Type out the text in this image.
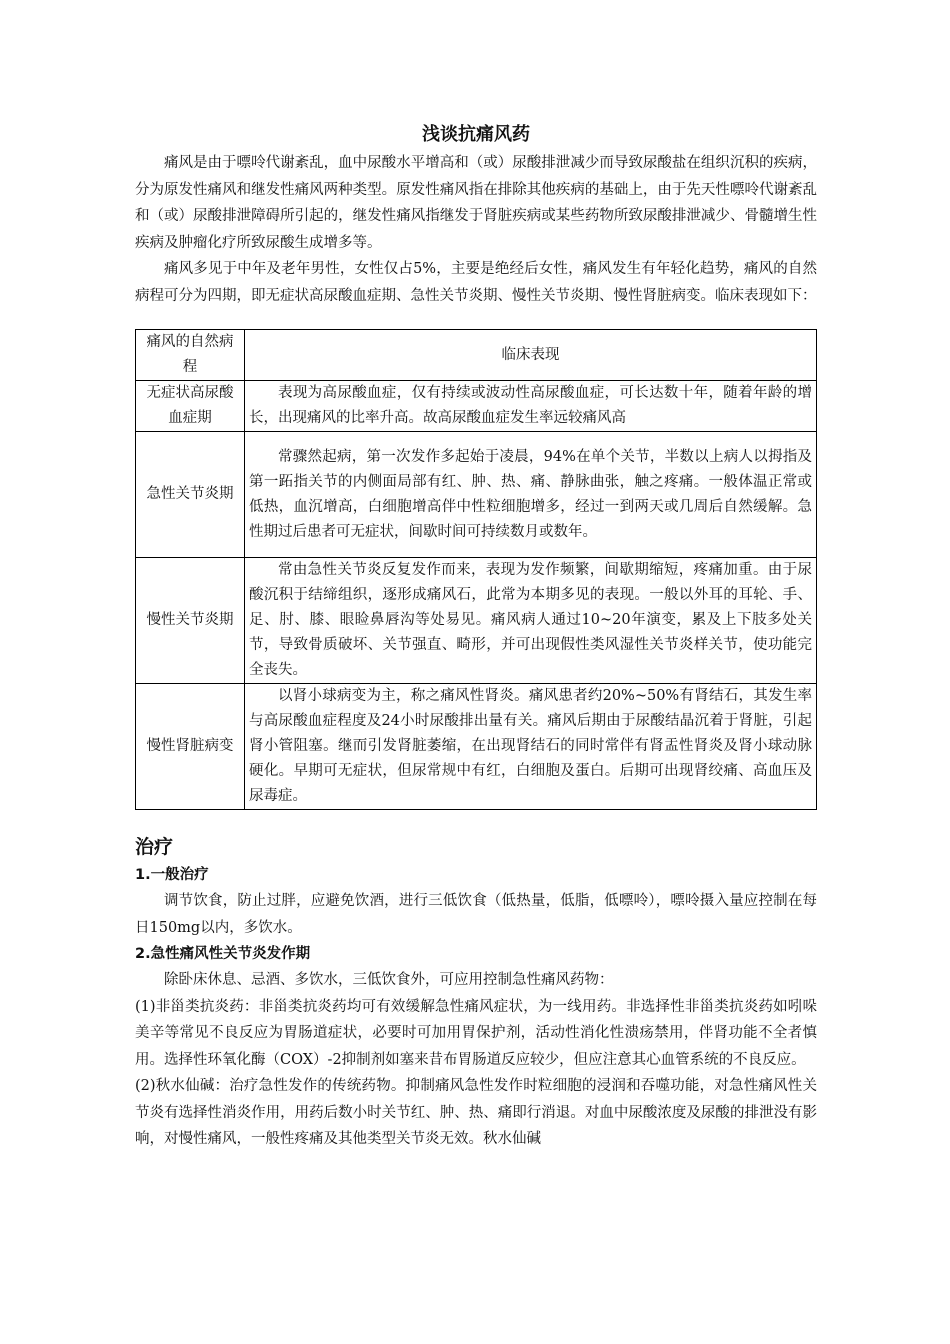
浅谈抗痛风药

痛风是由于嘌呤代谢紊乱，血中尿酸水平增高和（或）尿酸排泄减少而导致尿酸盐在组织沉积的疾病，分为原发性痛风和继发性痛风两种类型。原发性痛风指在排除其他疾病的基础上，由于先天性嘌呤代谢紊乱和（或）尿酸排泄障碍所引起的，继发性痛风指继发于肾脏疾病或某些药物所致尿酸排泄减少、骨髓增生性疾病及肿瘤化疗所致尿酸生成增多等。

痛风多见于中年及老年男性，女性仅占5%，主要是绝经后女性，痛风发生有年轻化趋势，痛风的自然病程可分为四期，即无症状高尿酸血症期、急性关节炎期、慢性关节炎期、慢性肾脏病变。临床表现如下：

痛风的自然病程	临床表现
无症状高尿酸血症期	表现为高尿酸血症，仅有持续或波动性高尿酸血症，可长达数十年，随着年龄的增长，出现痛风的比率升高。故高尿酸血症发生率远较痛风高

急性关节炎期	常骤然起病，第一次发作多起始于凌晨，94%在单个关节，半数以上病人以拇指及第一跖指关节的内侧面局部有红、肿、热、痛、静脉曲张，触之疼痛。一般体温正常或低热，血沉增高，白细胞增高伴中性粒细胞增多，经过一到两天或几周后自然缓解。急性期过后患者可无症状，间歇时间可持续数月或数年。

慢性关节炎期	常由急性关节炎反复发作而来，表现为发作频繁，间歇期缩短，疼痛加重。由于尿酸沉积于结缔组织，逐形成痛风石，此常为本期多见的表现。一般以外耳的耳轮、手、足、肘、膝、眼睑鼻唇沟等处易见。痛风病人通过10~20年演变，累及上下肢多处关节，导致骨质破坏、关节强直、畸形，并可出现假性类风湿性关节炎样关节，使功能完全丧失。

慢性肾脏病变	以肾小球病变为主，称之痛风性肾炎。痛风患者约20%~50%有肾结石，其发生率与高尿酸血症程度及24小时尿酸排出量有关。痛风后期由于尿酸结晶沉着于肾脏，引起肾小管阻塞。继而引发肾脏萎缩，在出现肾结石的同时常伴有肾盂性肾炎及肾小球动脉硬化。早期可无症状，但尿常规中有红，白细胞及蛋白。后期可出现肾绞痛、高血压及尿毒症。
治疗
1.一般治疗

调节饮食，防止过胖，应避免饮酒，进行三低饮食（低热量，低脂，低嘌呤），嘌呤摄入量应控制在每日150mg以内，多饮水。

2.急性痛风性关节炎发作期

除卧床休息、忌酒、多饮水，三低饮食外，可应用控制急性痛风药物：

(1)非甾类抗炎药：非甾类抗炎药均可有效缓解急性痛风症状，为一线用药。非选择性非甾类抗炎药如吲哚美辛等常见不良反应为胃肠道症状，必要时可加用胃保护剂，活动性消化性溃疡禁用，伴肾功能不全者慎用。选择性环氧化酶（COX）-2抑制剂如塞来昔布胃肠道反应较少，但应注意其心血管系统的不良反应。

(2)秋水仙碱：治疗急性发作的传统药物。抑制痛风急性发作时粒细胞的浸润和吞噬功能，对急性痛风性关节炎有选择性消炎作用，用药后数小时关节红、肿、热、痛即行消退。对血中尿酸浓度及尿酸的排泄没有影响，对慢性痛风，一般性疼痛及其他类型关节炎无效。秋水仙碱
